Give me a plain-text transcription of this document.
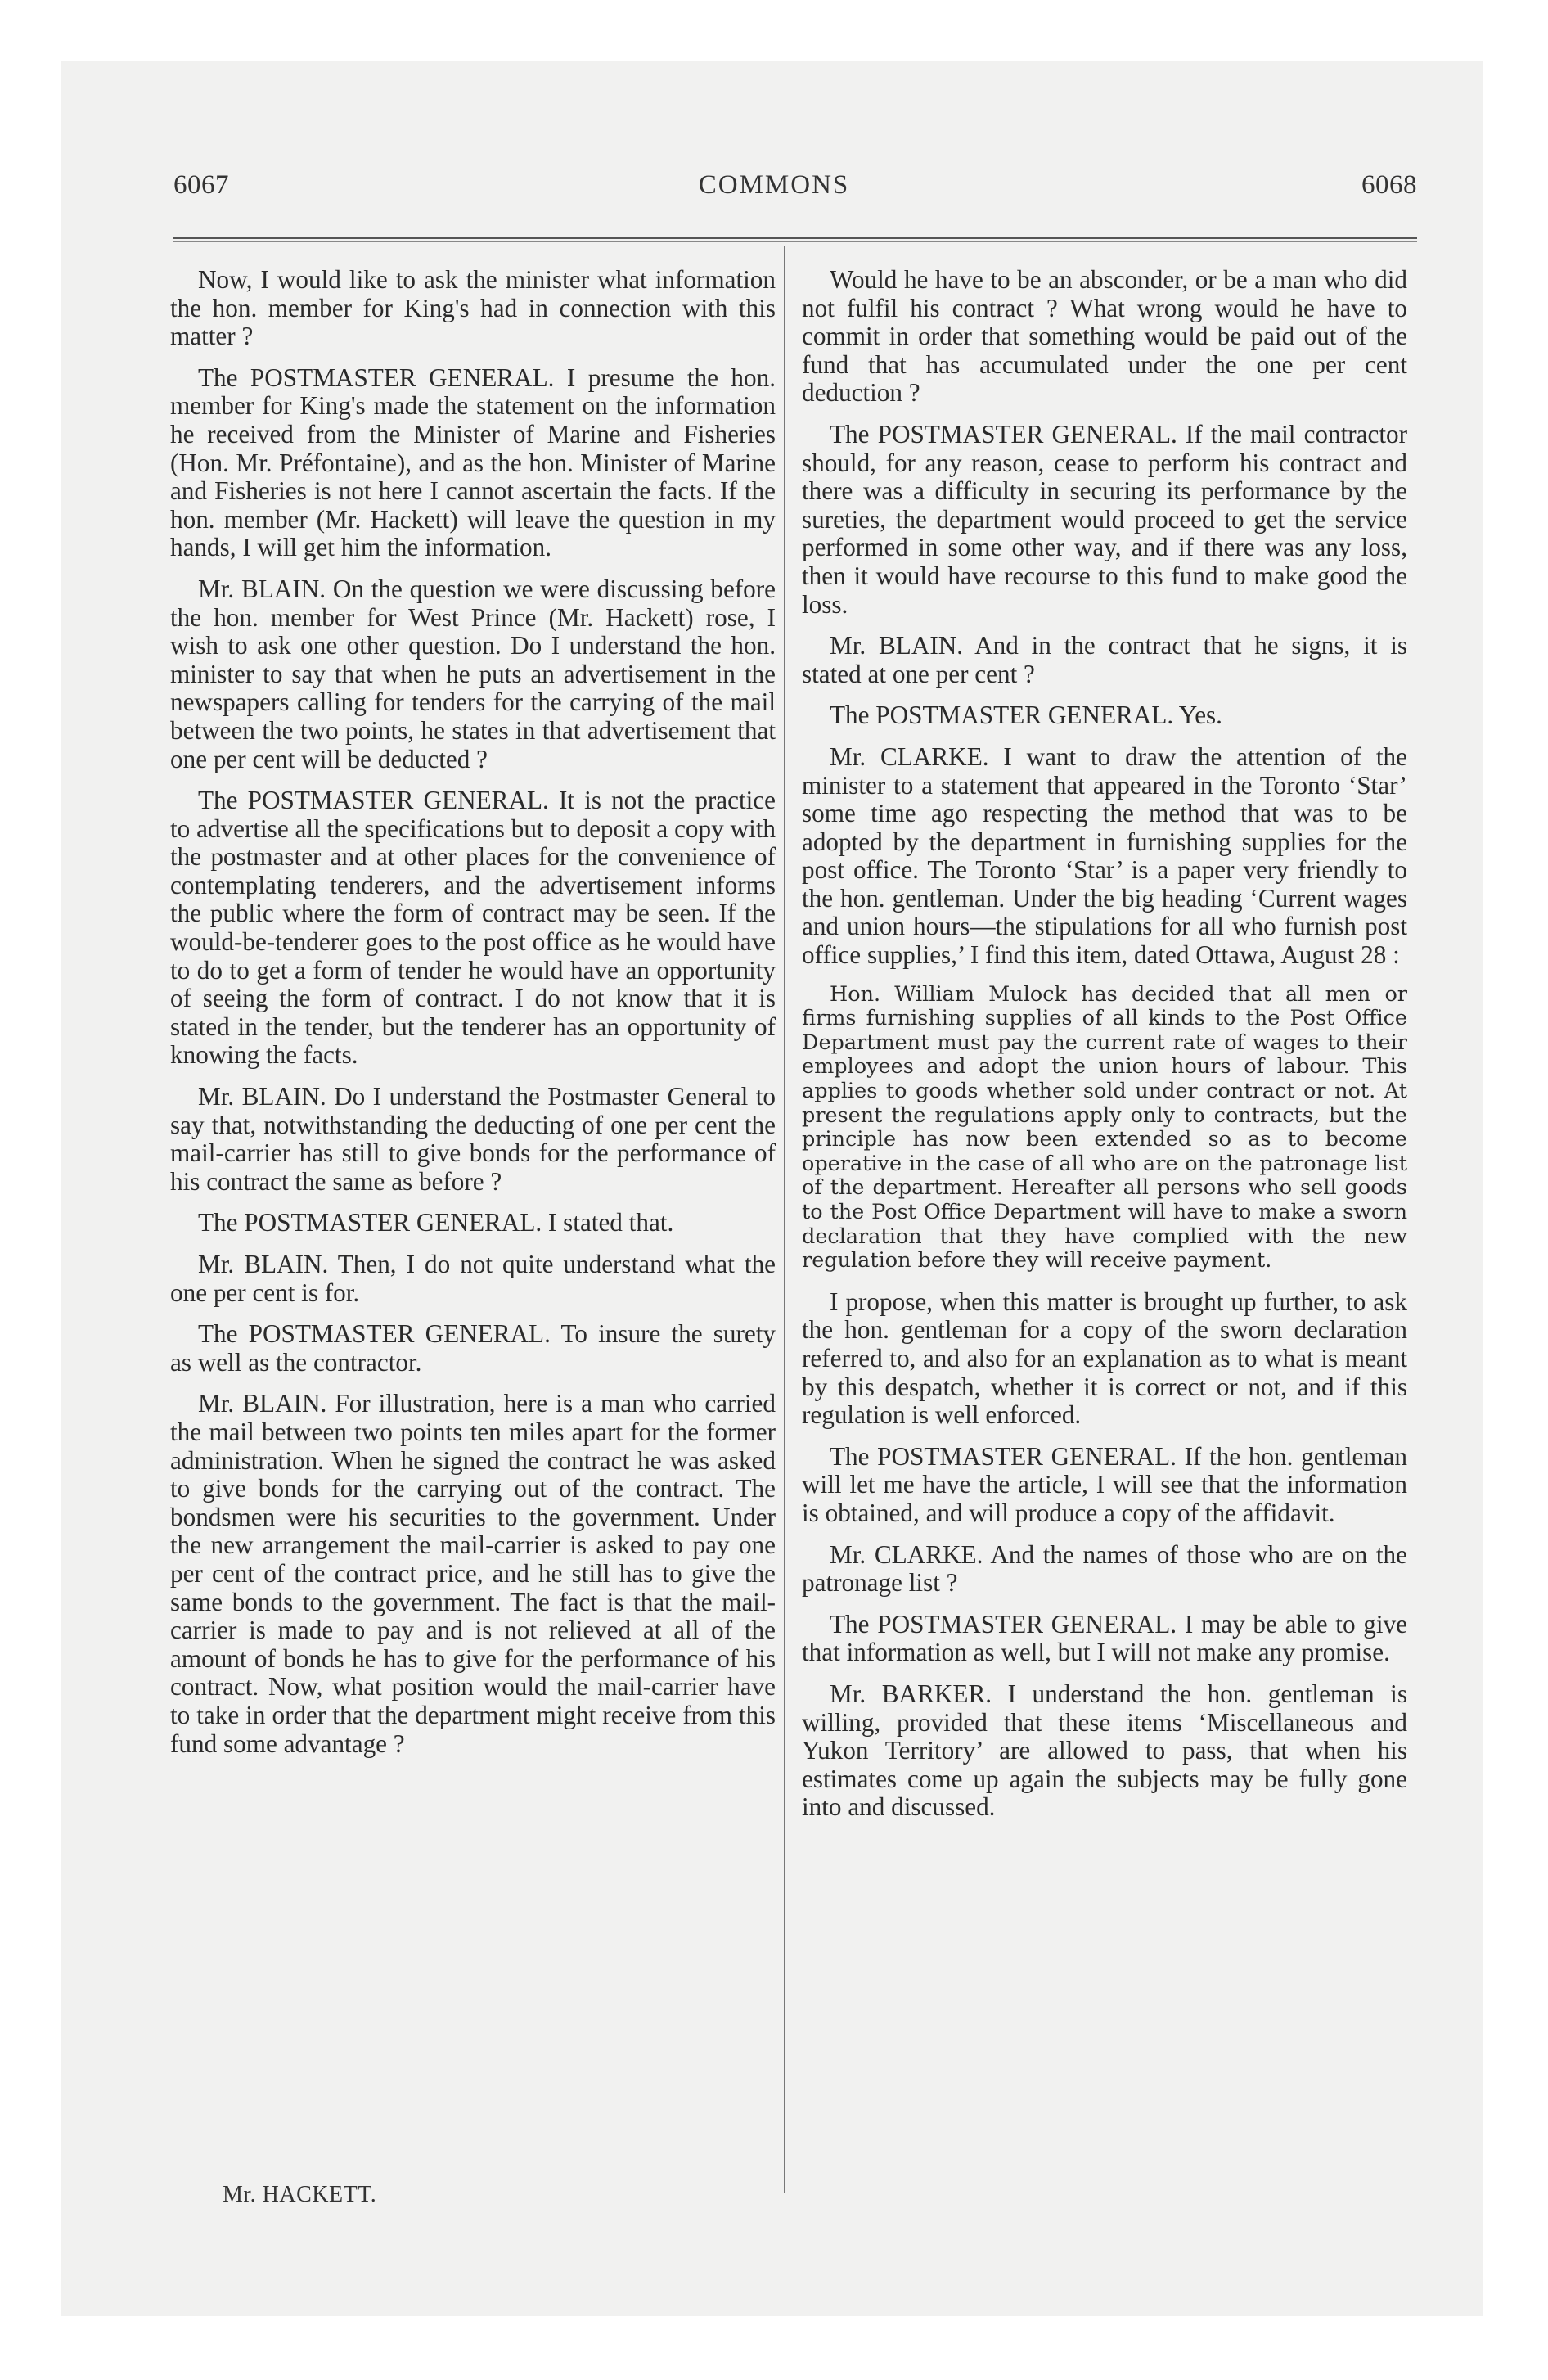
6067	COMMONS	6068

Now, I would like to ask the minister what information the hon. member for King's had in connection with this matter ?

The POSTMASTER GENERAL. I presume the hon. member for King's made the statement on the information he received from the Minister of Marine and Fisheries (Hon. Mr. Préfontaine), and as the hon. Minister of Marine and Fisheries is not here I cannot ascertain the facts. If the hon. member (Mr. Hackett) will leave the question in my hands, I will get him the information.

Mr. BLAIN. On the question we were discussing before the hon. member for West Prince (Mr. Hackett) rose, I wish to ask one other question. Do I understand the hon. minister to say that when he puts an advertisement in the newspapers calling for tenders for the carrying of the mail between the two points, he states in that advertisement that one per cent will be deducted ?

The POSTMASTER GENERAL. It is not the practice to advertise all the specifications but to deposit a copy with the postmaster and at other places for the convenience of contemplating tenderers, and the advertisement informs the public where the form of contract may be seen. If the would-be-tenderer goes to the post office as he would have to do to get a form of tender he would have an opportunity of seeing the form of contract. I do not know that it is stated in the tender, but the tenderer has an opportunity of knowing the facts.

Mr. BLAIN. Do I understand the Postmaster General to say that, notwithstanding the deducting of one per cent the mail-carrier has still to give bonds for the performance of his contract the same as before ?

The POSTMASTER GENERAL. I stated that.

Mr. BLAIN. Then, I do not quite understand what the one per cent is for.

The POSTMASTER GENERAL. To insure the surety as well as the contractor.

Mr. BLAIN. For illustration, here is a man who carried the mail between two points ten miles apart for the former administration. When he signed the contract he was asked to give bonds for the carrying out of the contract. The bondsmen were his securities to the government. Under the new arrangement the mail-carrier is asked to pay one per cent of the contract price, and he still has to give the same bonds to the government. The fact is that the mail-carrier is made to pay and is not relieved at all of the amount of bonds he has to give for the performance of his contract. Now, what position would the mail-carrier have to take in order that the department might receive from this fund some advantage ?

Would he have to be an absconder, or be a man who did not fulfil his contract ? What wrong would he have to commit in order that something would be paid out of the fund that has accumulated under the one per cent deduction ?

The POSTMASTER GENERAL. If the mail contractor should, for any reason, cease to perform his contract and there was a difficulty in securing its performance by the sureties, the department would proceed to get the service performed in some other way, and if there was any loss, then it would have recourse to this fund to make good the loss.

Mr. BLAIN. And in the contract that he signs, it is stated at one per cent ?

The POSTMASTER GENERAL. Yes.

Mr. CLARKE. I want to draw the attention of the minister to a statement that appeared in the Toronto ‘Star’ some time ago respecting the method that was to be adopted by the department in furnishing supplies for the post office. The Toronto ‘Star’ is a paper very friendly to the hon. gentleman. Under the big heading ‘Current wages and union hours—the stipulations for all who furnish post office supplies,’ I find this item, dated Ottawa, August 28 :

Hon. William Mulock has decided that all men or firms furnishing supplies of all kinds to the Post Office Department must pay the current rate of wages to their employees and adopt the union hours of labour. This applies to goods whether sold under contract or not. At present the regulations apply only to contracts, but the principle has now been extended so as to become operative in the case of all who are on the patronage list of the department. Hereafter all persons who sell goods to the Post Office Department will have to make a sworn declaration that they have complied with the new regulation before they will receive payment.

I propose, when this matter is brought up further, to ask the hon. gentleman for a copy of the sworn declaration referred to, and also for an explanation as to what is meant by this despatch, whether it is correct or not, and if this regulation is well enforced.

The POSTMASTER GENERAL. If the hon. gentleman will let me have the article, I will see that the information is obtained, and will produce a copy of the affidavit.

Mr. CLARKE. And the names of those who are on the patronage list ?

The POSTMASTER GENERAL. I may be able to give that information as well, but I will not make any promise.

Mr. BARKER. I understand the hon. gentleman is willing, provided that these items ‘Miscellaneous and Yukon Territory’ are allowed to pass, that when his estimates come up again the subjects may be fully gone into and discussed.

Mr. HACKETT.
